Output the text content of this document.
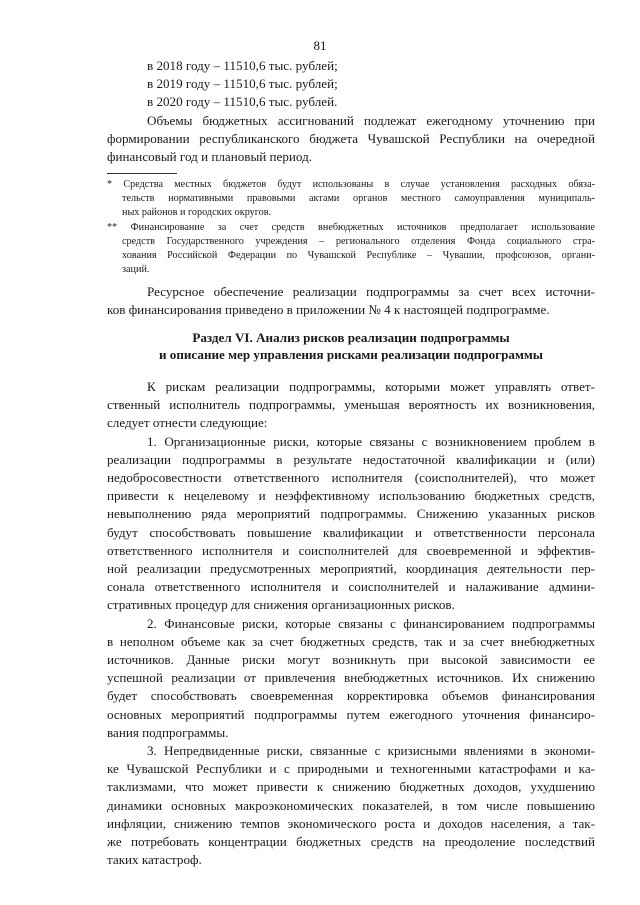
81

в 2018 году – 11510,6 тыс. рублей;

в 2019 году – 11510,6 тыс. рублей;

в 2020 году – 11510,6 тыс. рублей.

Объемы бюджетных ассигнований подлежат ежегодному уточнению при

формировании республиканского бюджета Чувашской Республики на очередной

финансовый год и плановый период.

* Средства местных бюджетов будут использованы в случае установления расходных обяза-

тельств нормативными правовыми актами органов местного самоуправления муниципаль-

ных районов и городских округов.

** Финансирование за счет средств внебюджетных источников предполагает использование

средств Государственного учреждения – регионального отделения Фонда социального стра-

хования Российской Федерации по Чувашской Республике – Чувашии, профсоюзов, органи-

заций.

Ресурсное обеспечение реализации подпрограммы за счет всех источни-

ков финансирования приведено в приложении № 4 к настоящей подпрограмме.

Раздел VI. Анализ рисков реализации подпрограммы

и описание мер управления рисками реализации подпрограммы

К рискам реализации подпрограммы, которыми может управлять ответ-

ственный исполнитель подпрограммы, уменьшая вероятность их возникновения,

следует отнести следующие:

1. Организационные риски, которые связаны с возникновением проблем в

реализации подпрограммы в результате недостаточной квалификации и (или)

недобросовестности ответственного исполнителя (соисполнителей), что может

привести к нецелевому и неэффективному использованию бюджетных средств,

невыполнению ряда мероприятий подпрограммы. Снижению указанных рисков

будут способствовать повышение квалификации и ответственности персонала

ответственного исполнителя и соисполнителей для своевременной и эффектив-

ной реализации предусмотренных мероприятий, координация деятельности пер-

сонала ответственного исполнителя и соисполнителей и налаживание админи-

стративных процедур для снижения организационных рисков.

2. Финансовые риски, которые связаны с финансированием подпрограммы

в неполном объеме как за счет бюджетных средств, так и за счет внебюджетных

источников. Данные риски могут возникнуть при высокой зависимости ее

успешной реализации от привлечения внебюджетных источников. Их снижению

будет способствовать своевременная корректировка объемов финансирования

основных мероприятий подпрограммы путем ежегодного уточнения финансиро-

вания подпрограммы.

3. Непредвиденные риски, связанные с кризисными явлениями в экономи-

ке Чувашской Республики и с природными и техногенными катастрофами и ка-

таклизмами, что может привести к снижению бюджетных доходов, ухудшению

динамики основных макроэкономических показателей, в том числе повышению

инфляции, снижению темпов экономического роста и доходов населения, а так-

же потребовать концентрации бюджетных средств на преодоление последствий

таких катастроф.
